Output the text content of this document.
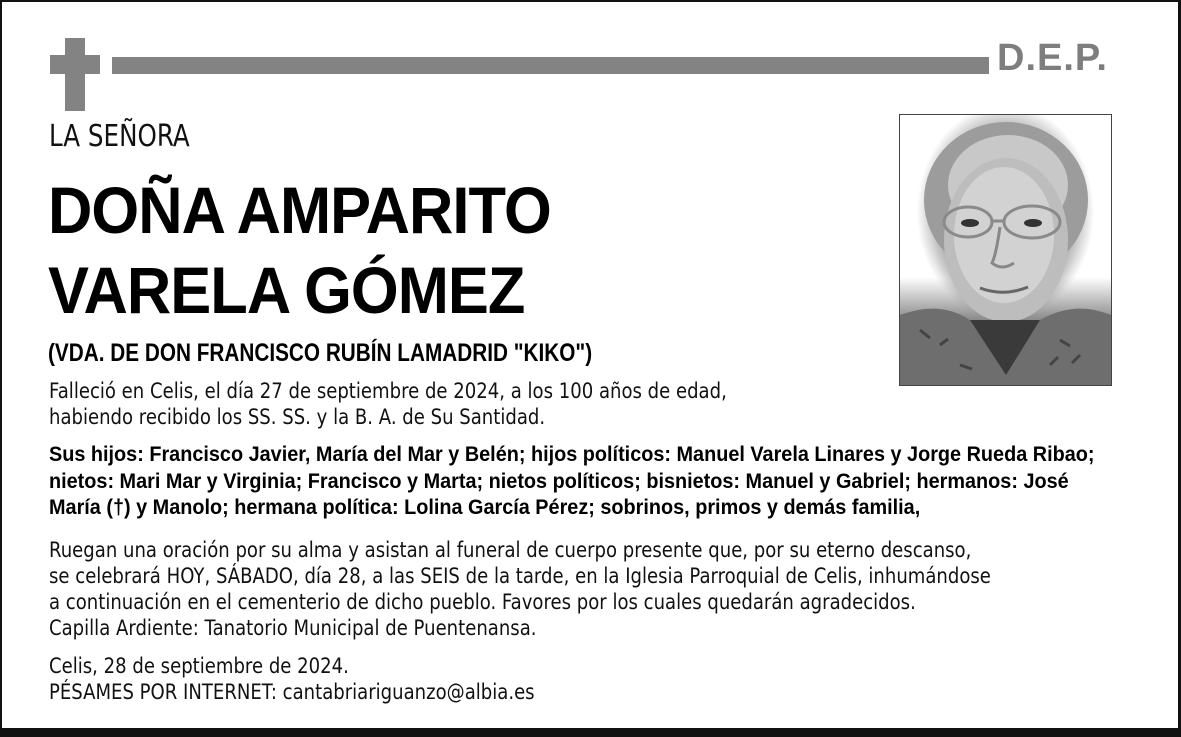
D.E.P.
LA SEÑORA
DOÑA AMPARITO
VARELA GÓMEZ
(VDA. DE DON FRANCISCO RUBÍN LAMADRID "KIKO")
Falleció en Celis, el día 27 de septiembre de 2024, a los 100 años de edad,
habiendo recibido los SS. SS. y la B. A. de Su Santidad.
Sus hijos: Francisco Javier, María del Mar y Belén; hijos políticos: Manuel Varela Linares y Jorge Rueda Ribao;
nietos: Mari Mar y Virginia; Francisco y Marta; nietos políticos; bisnietos: Manuel y Gabriel; hermanos: José
María (†) y Manolo; hermana política: Lolina García Pérez; sobrinos, primos y demás familia,
Ruegan una oración por su alma y asistan al funeral de cuerpo presente que, por su eterno descanso,
se celebrará HOY, SÁBADO, día 28, a las SEIS de la tarde, en la Iglesia Parroquial de Celis, inhumándose
a continuación en el cementerio de dicho pueblo. Favores por los cuales quedarán agradecidos.
Capilla Ardiente: Tanatorio Municipal de Puentenansa.
Celis, 28 de septiembre de 2024.
PÉSAMES POR INTERNET: cantabriariguanzo@albia.es
